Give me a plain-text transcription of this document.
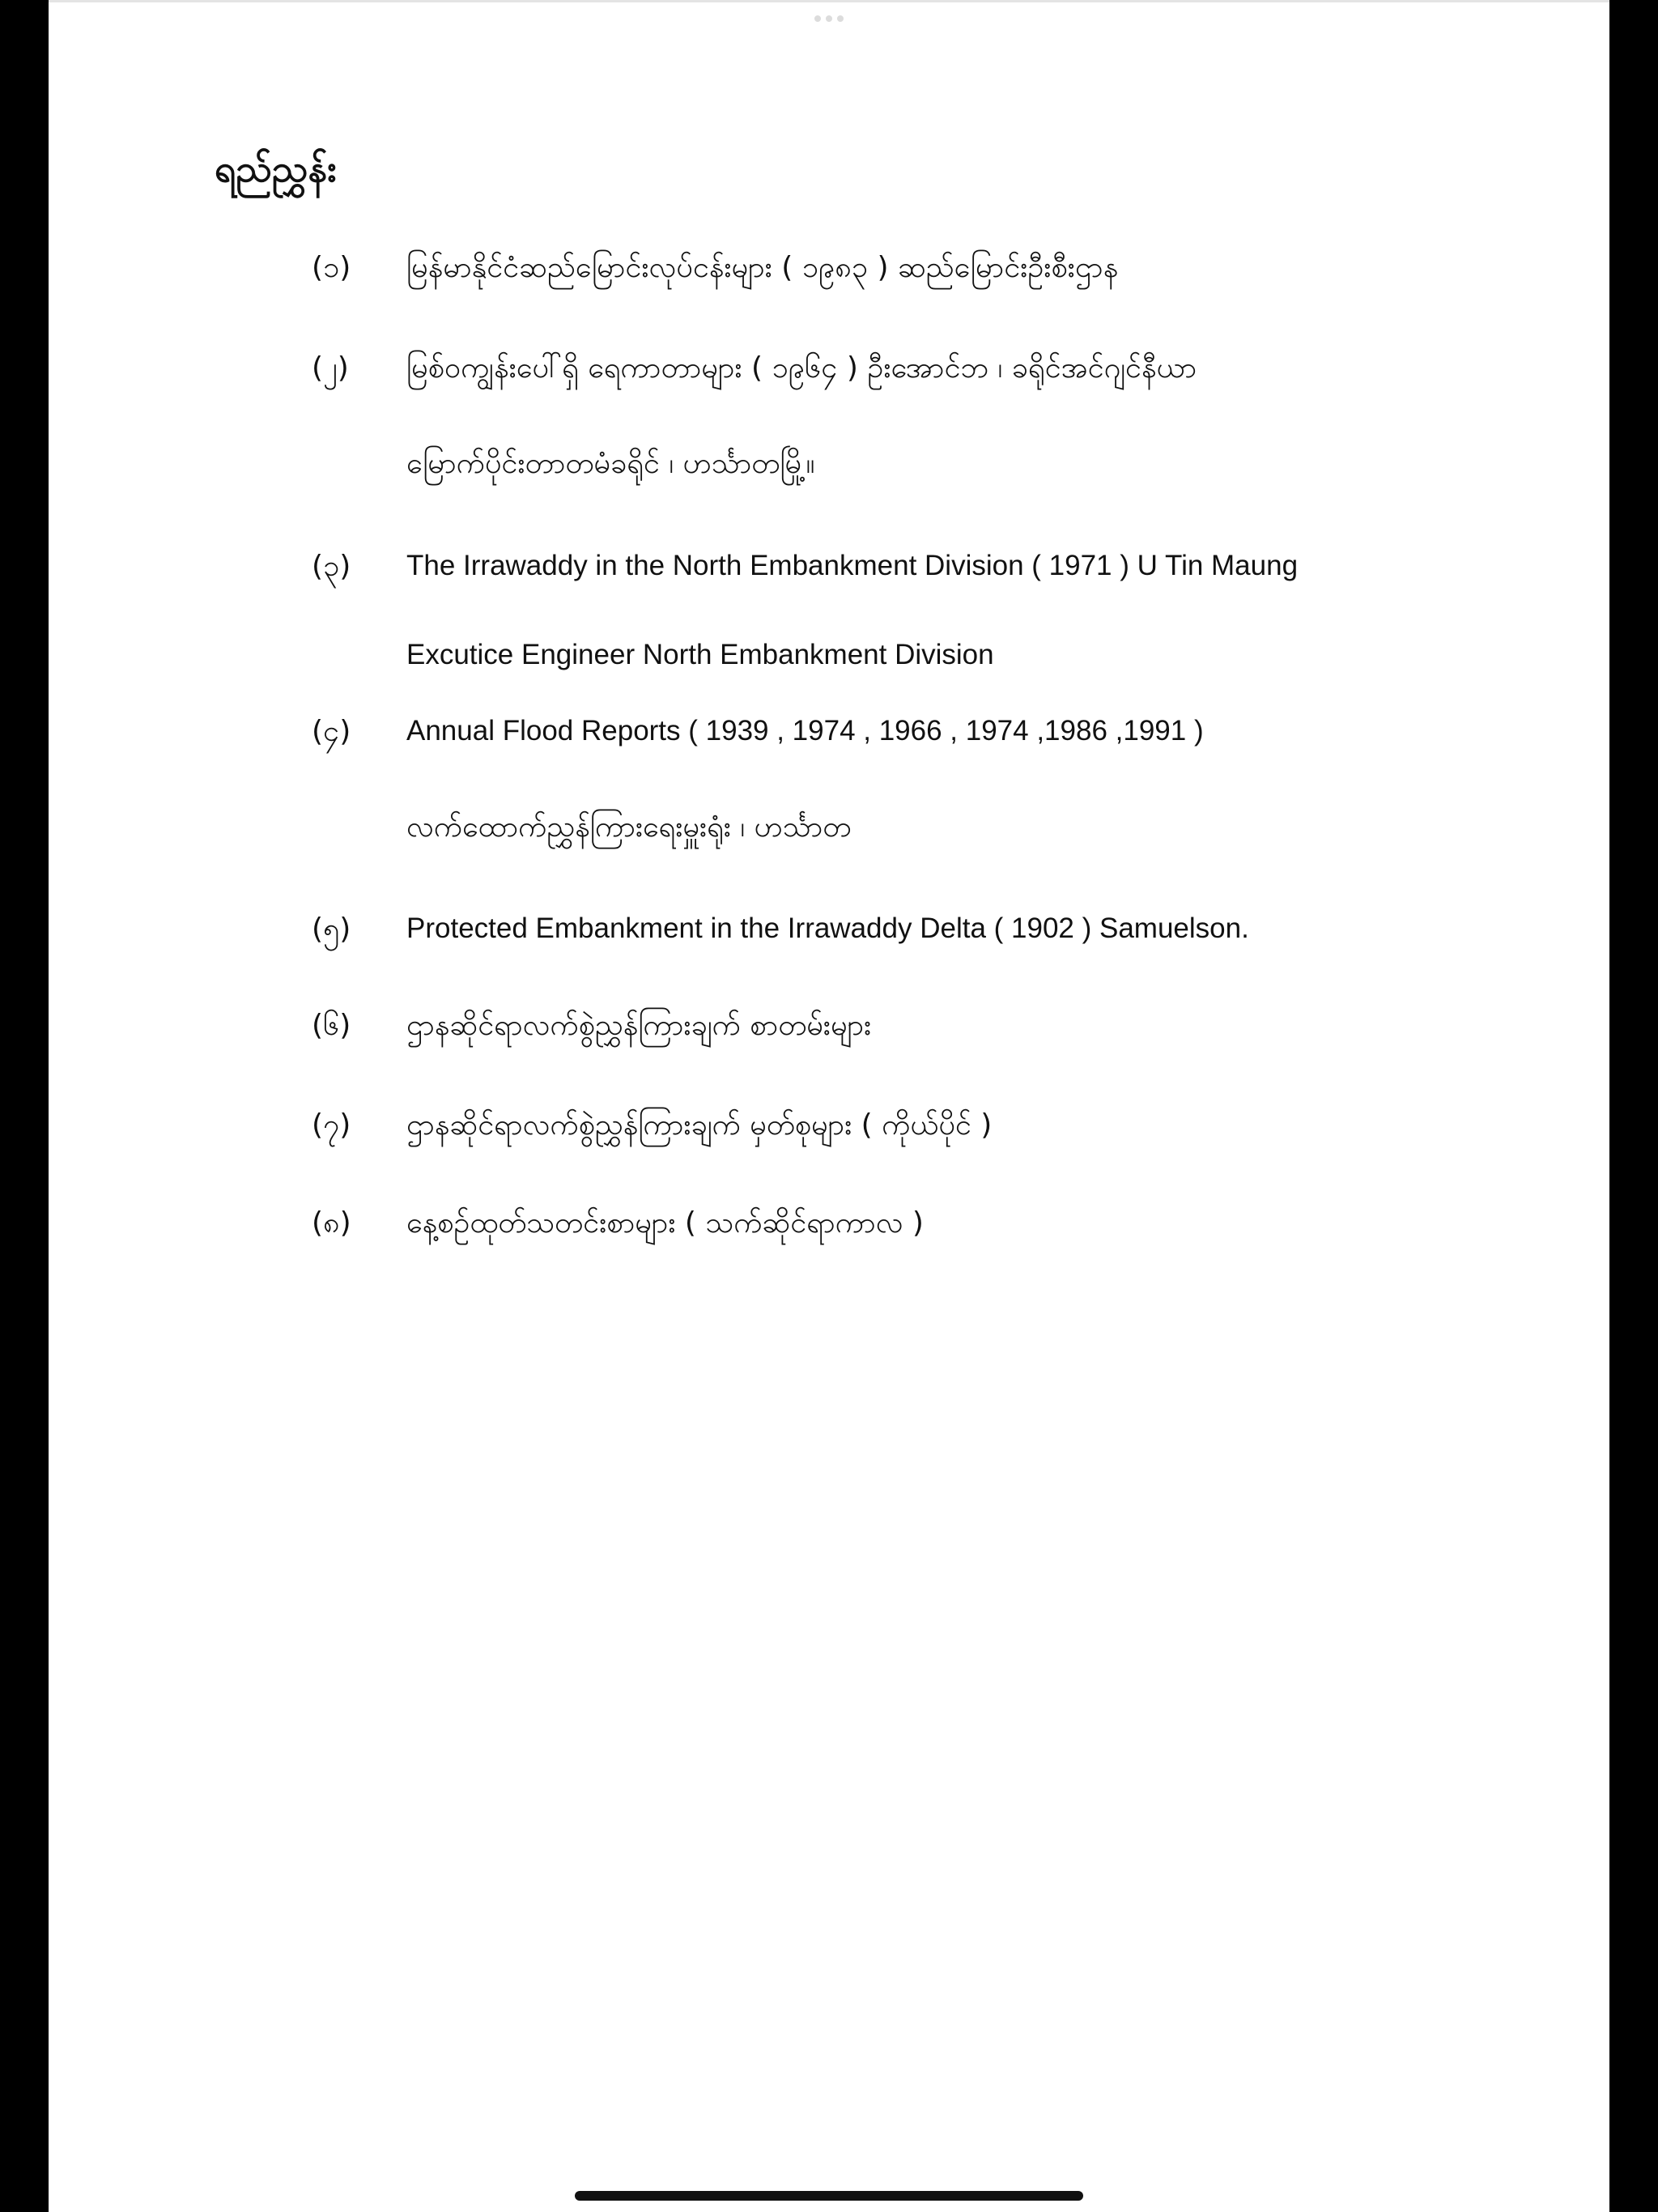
ရည်ညွှန်း
(၁) မြန်မာနိုင်ငံဆည်မြောင်းလုပ်ငန်းများ ( ၁၉၈၃ ) ဆည်မြောင်းဦးစီးဌာန
(၂) မြစ်ဝကျွန်းပေါ်ရှိ ရေကာတာများ ( ၁၉၆၄ ) ဦးအောင်ဘ ၊ ခရိုင်အင်ဂျင်နီယာ
မြောက်ပိုင်းတာတမံခရိုင် ၊ ဟင်္သာတမြို့။
(၃) The Irrawaddy in the North Embankment Division ( 1971 ) U Tin Maung
Excutice Engineer North Embankment Division
(၄) Annual Flood Reports ( 1939 , 1974 , 1966 , 1974 ,1986 ,1991 )
လက်ထောက်ညွှန်ကြားရေးမှူးရုံး ၊ ဟင်္သာတ
(၅) Protected Embankment in the Irrawaddy Delta ( 1902 ) Samuelson.
(၆) ဌာနဆိုင်ရာလက်စွဲညွှန်ကြားချက် စာတမ်းများ
(၇) ဌာနဆိုင်ရာလက်စွဲညွှန်ကြားချက် မှတ်စုများ ( ကိုယ်ပိုင် )
(၈) နေ့စဉ်ထုတ်သတင်းစာများ ( သက်ဆိုင်ရာကာလ )
